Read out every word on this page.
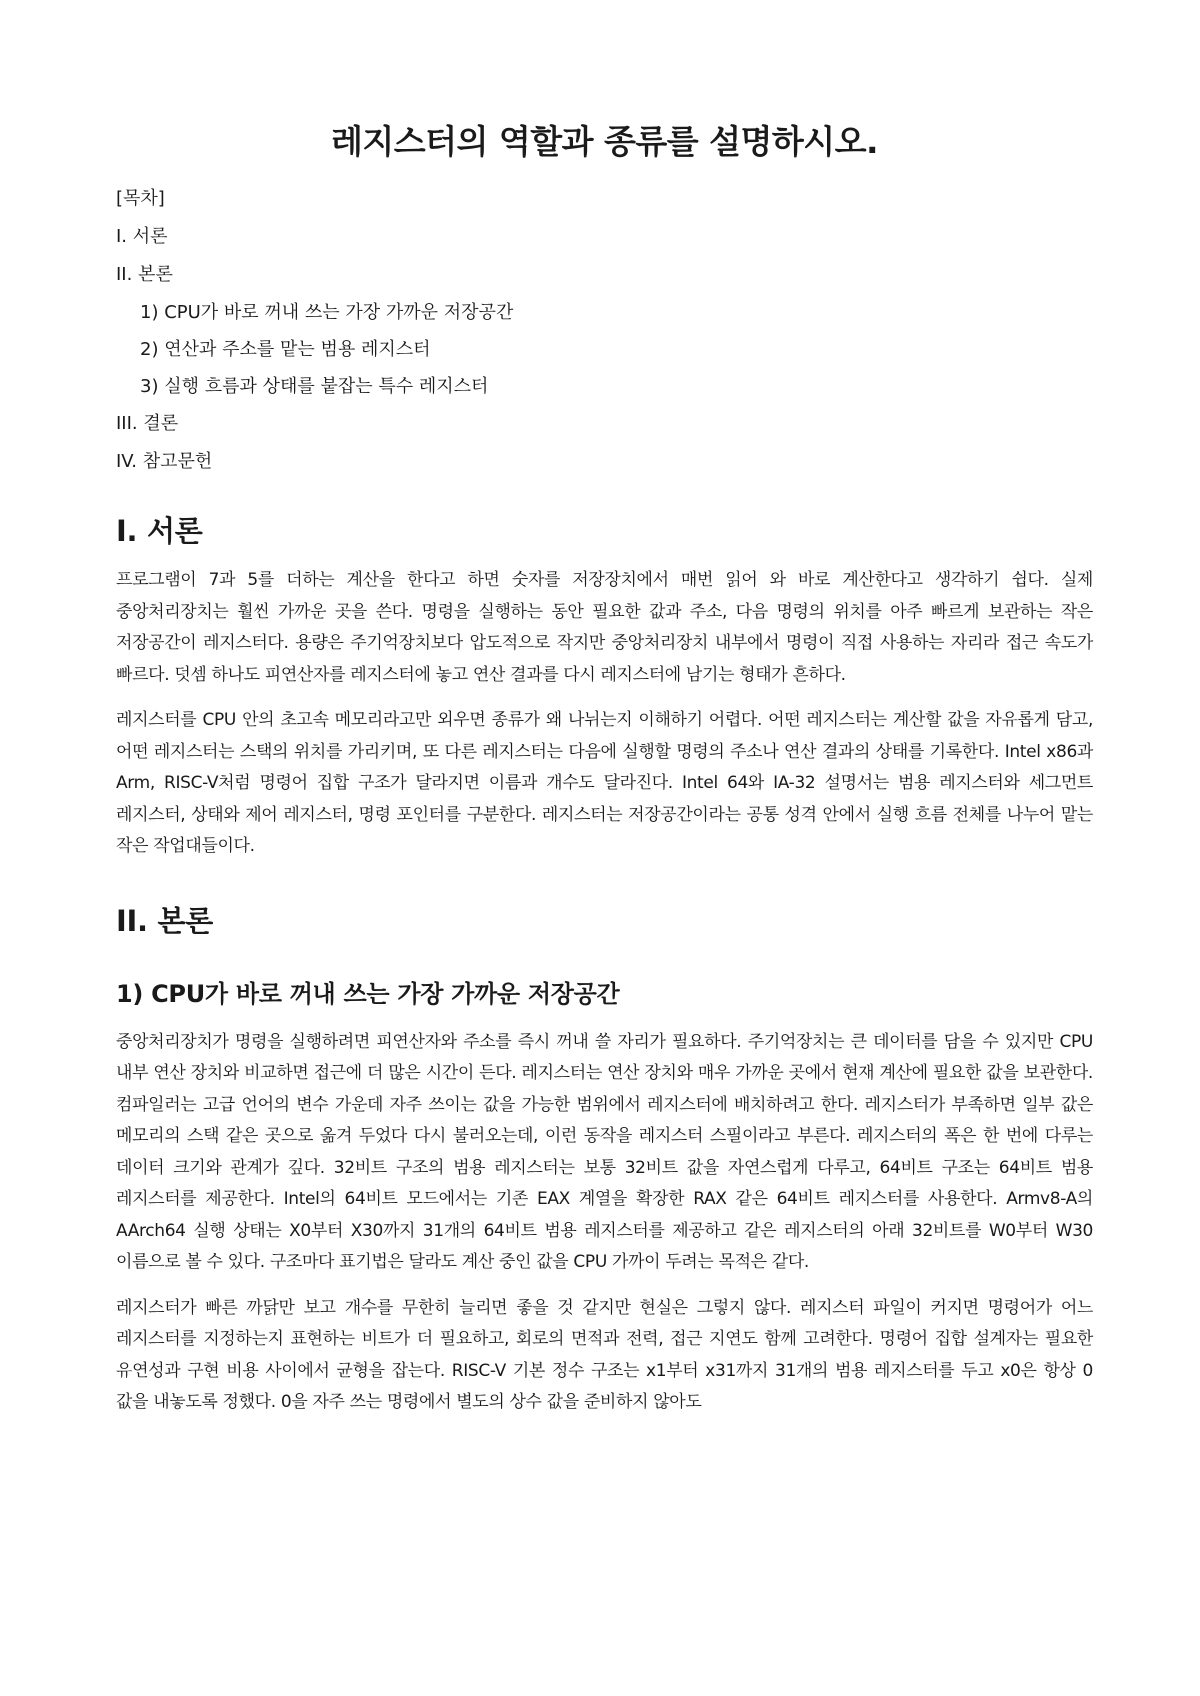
레지스터의 역할과 종류를 설명하시오.
[목차]
I. 서론
II. 본론
1) CPU가 바로 꺼내 쓰는 가장 가까운 저장공간
2) 연산과 주소를 맡는 범용 레지스터
3) 실행 흐름과 상태를 붙잡는 특수 레지스터
III. 결론
IV. 참고문헌
I. 서론

프로그램이 7과 5를 더하는 계산을 한다고 하면 숫자를 저장장치에서 매번 읽어 와 바로 계산한다고 생각하기 쉽다. 실제 중앙처리장치는 훨씬 가까운 곳을 쓴다. 명령을 실행하는 동안 필요한 값과 주소, 다음 명령의 위치를 아주 빠르게 보관하는 작은 저장공간이 레지스터다. 용량은 주기억장치보다 압도적으로 작지만 중앙처리장치 내부에서 명령이 직접 사용하는 자리라 접근 속도가 빠르다. 덧셈 하나도 피연산자를 레지스터에 놓고 연산 결과를 다시 레지스터에 남기는 형태가 흔하다.

레지스터를 CPU 안의 초고속 메모리라고만 외우면 종류가 왜 나뉘는지 이해하기 어렵다. 어떤 레지스터는 계산할 값을 자유롭게 담고, 어떤 레지스터는 스택의 위치를 가리키며, 또 다른 레지스터는 다음에 실행할 명령의 주소나 연산 결과의 상태를 기록한다. Intel x86과 Arm, RISC-V처럼 명령어 집합 구조가 달라지면 이름과 개수도 달라진다. Intel 64와 IA-32 설명서는 범용 레지스터와 세그먼트 레지스터, 상태와 제어 레지스터, 명령 포인터를 구분한다. 레지스터는 저장공간이라는 공통 성격 안에서 실행 흐름 전체를 나누어 맡는 작은 작업대들이다.

II. 본론
1) CPU가 바로 꺼내 쓰는 가장 가까운 저장공간

중앙처리장치가 명령을 실행하려면 피연산자와 주소를 즉시 꺼내 쓸 자리가 필요하다. 주기억장치는 큰 데이터를 담을 수 있지만 CPU 내부 연산 장치와 비교하면 접근에 더 많은 시간이 든다. 레지스터는 연산 장치와 매우 가까운 곳에서 현재 계산에 필요한 값을 보관한다. 컴파일러는 고급 언어의 변수 가운데 자주 쓰이는 값을 가능한 범위에서 레지스터에 배치하려고 한다. 레지스터가 부족하면 일부 값은 메모리의 스택 같은 곳으로 옮겨 두었다 다시 불러오는데, 이런 동작을 레지스터 스필이라고 부른다. 레지스터의 폭은 한 번에 다루는 데이터 크기와 관계가 깊다. 32비트 구조의 범용 레지스터는 보통 32비트 값을 자연스럽게 다루고, 64비트 구조는 64비트 범용 레지스터를 제공한다. Intel의 64비트 모드에서는 기존 EAX 계열을 확장한 RAX 같은 64비트 레지스터를 사용한다. Armv8-A의 AArch64 실행 상태는 X0부터 X30까지 31개의 64비트 범용 레지스터를 제공하고 같은 레지스터의 아래 32비트를 W0부터 W30 이름으로 볼 수 있다. 구조마다 표기법은 달라도 계산 중인 값을 CPU 가까이 두려는 목적은 같다.

레지스터가 빠른 까닭만 보고 개수를 무한히 늘리면 좋을 것 같지만 현실은 그렇지 않다. 레지스터 파일이 커지면 명령어가 어느 레지스터를 지정하는지 표현하는 비트가 더 필요하고, 회로의 면적과 전력, 접근 지연도 함께 고려한다. 명령어 집합 설계자는 필요한 유연성과 구현 비용 사이에서 균형을 잡는다. RISC-V 기본 정수 구조는 x1부터 x31까지 31개의 범용 레지스터를 두고 x0은 항상 0 값을 내놓도록 정했다. 0을 자주 쓰는 명령에서 별도의 상수 값을 준비하지 않아도
